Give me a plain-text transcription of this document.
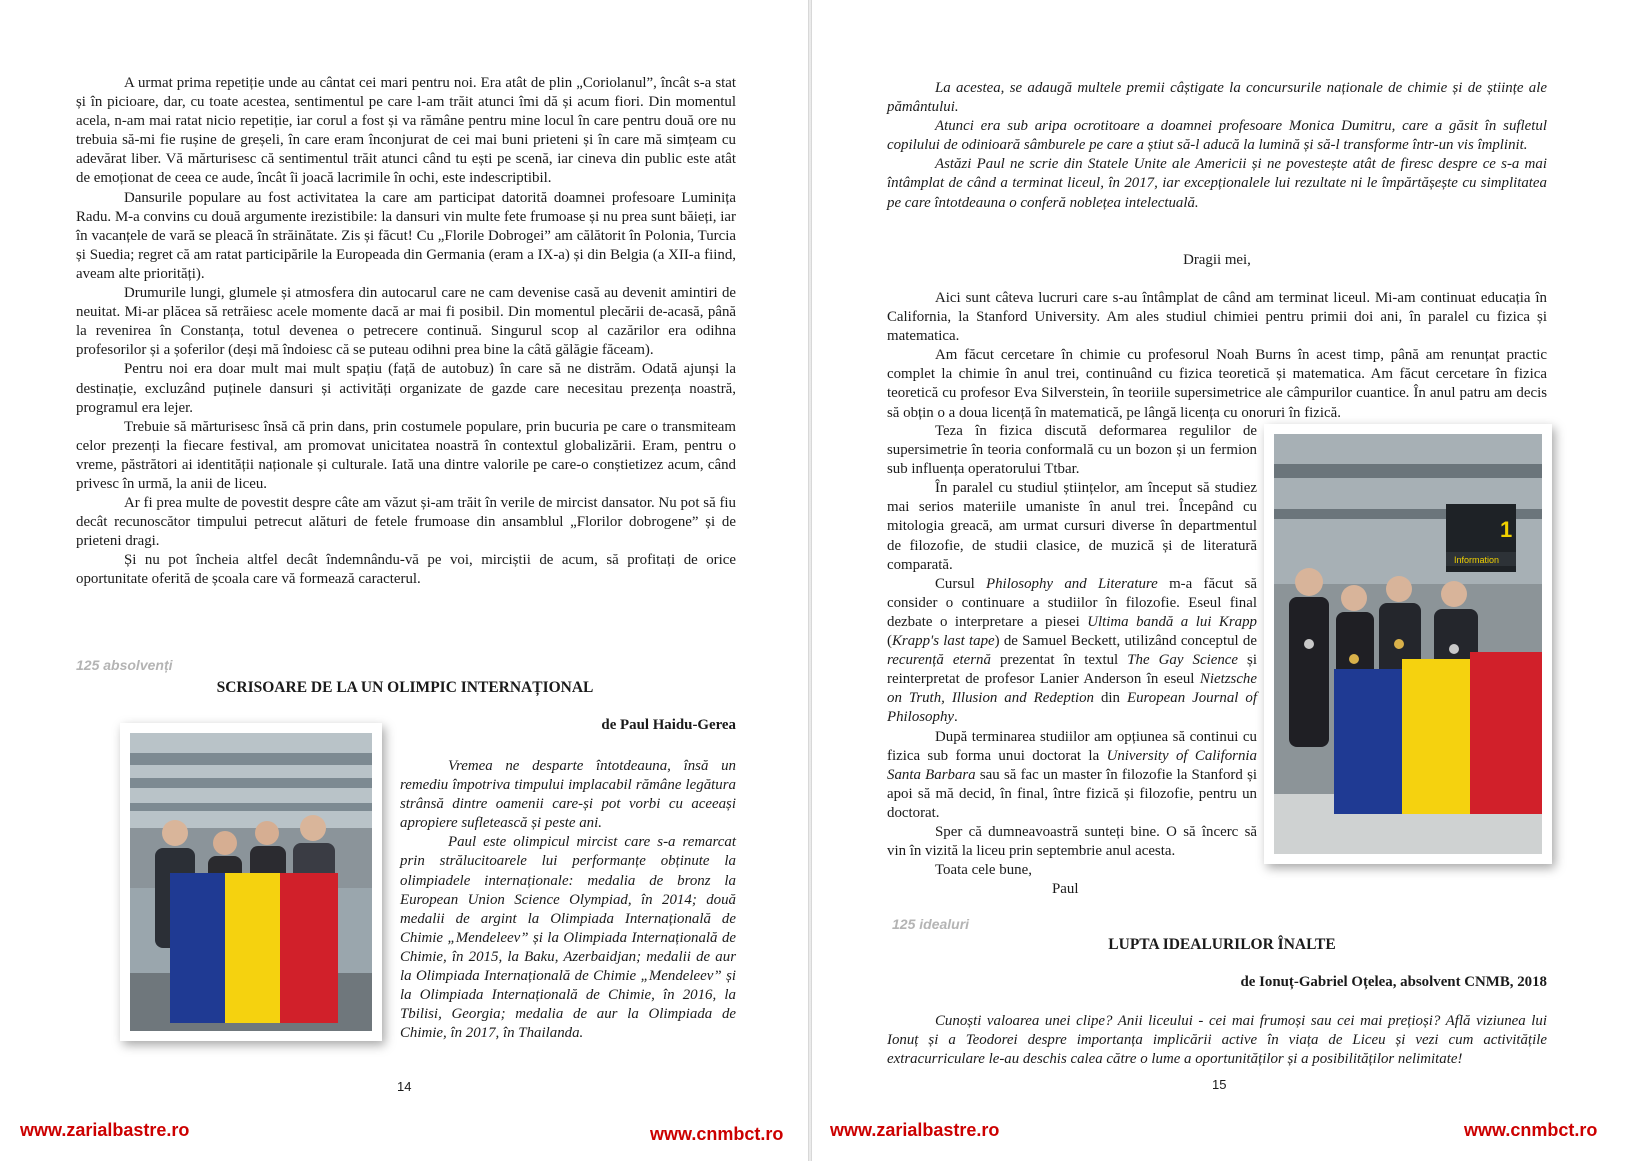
A urmat prima repetiție unde au cântat cei mari pentru noi. Era atât de plin „Coriolanul”, încât s-a stat și în picioare, dar, cu toate acestea, sentimentul pe care l-am trăit atunci îmi dă și acum fiori. Din momentul acela, n-am mai ratat nicio repetiție, iar corul a fost și va rămâne pentru mine locul în care pentru două ore nu trebuia să-mi fie rușine de greșeli, în care eram înconjurat de cei mai buni prieteni și în care mă simțeam cu adevărat liber. Vă mărturisesc că sentimentul trăit atunci când tu ești pe scenă, iar cineva din public este atât de emoționat de ceea ce aude, încât îi joacă lacrimile în ochi, este indescriptibil.

Dansurile populare au fost activitatea la care am participat datorită doamnei profesoare Luminița Radu. M-a convins cu două argumente irezistibile: la dansuri vin multe fete frumoase și nu prea sunt băieți, iar în vacanțele de vară se pleacă în străinătate. Zis și făcut! Cu „Florile Dobrogei” am călătorit în Polonia, Turcia și Suedia; regret că am ratat participările la Europeada din Germania (eram a IX-a) și din Belgia (a XII-a fiind, aveam alte priorități).

Drumurile lungi, glumele și atmosfera din autocarul care ne cam devenise casă au devenit amintiri de neuitat. Mi-ar plăcea să retrăiesc acele momente dacă ar mai fi posibil. Din momentul plecării de-acasă, până la revenirea în Constanța, totul devenea o petrecere continuă. Singurul scop al cazărilor era odihna profesorilor și a șoferilor (deși mă îndoiesc că se puteau odihni prea bine la câtă gălăgie făceam).

Pentru noi era doar mult mai mult spațiu (față de autobuz) în care să ne distrăm. Odată ajunși la destinație, excluzând puținele dansuri și activități organizate de gazde care necesitau prezența noastră, programul era lejer.

Trebuie să mărturisesc însă că prin dans, prin costumele populare, prin bucuria pe care o transmiteam celor prezenți la fiecare festival, am promovat unicitatea noastră în contextul globalizării. Eram, pentru o vreme, păstrători ai identității naționale și culturale. Iată una dintre valorile pe care-o conștietizez acum, când privesc în urmă, la anii de liceu.

Ar fi prea multe de povestit despre câte am văzut și-am trăit în verile de mircist dansator. Nu pot să fiu decât recunoscător timpului petrecut alături de fetele frumoase din ansamblul „Florilor dobrogene” și de prieteni dragi.

Și nu pot încheia altfel decât îndemnându-vă pe voi, mirciștii de acum, să profitați de orice oportunitate oferită de școala care vă formează caracterul.

125 absolvenți
SCRISOARE DE LA UN OLIMPIC INTERNAȚIONAL
de Paul Haidu-Gerea

Vremea ne desparte întotdeauna, însă un remediu împotriva timpului implacabil rămâne legătura strânsă dintre oamenii care-și pot vorbi cu aceeași apropiere sufletească și peste ani.

Paul este olimpicul mircist care s-a remarcat prin strălucitoarele lui performanțe obținute la olimpiadele internaționale: medalia de bronz la European Union Science Olympiad, în 2014; două medalii de argint la Olimpiada Internațională de Chimie „Mendeleev” și la Olimpiada Internațională de Chimie, în 2015, la Baku, Azerbaidjan; medalii de aur la Olimpiada Internațională de Chimie „Mendeleev” și la Olimpiada Internațională de Chimie, în 2016, la Tbilisi, Georgia; medalia de aur la Olimpiada de Chimie, în 2017, în Thailanda.

14
www.zarialbastre.ro	www.cnmbct.ro

La acestea, se adaugă multele premii câștigate la concursurile naționale de chimie și de științe ale pământului.

Atunci era sub aripa ocrotitoare a doamnei profesoare Monica Dumitru, care a găsit în sufletul copilului de odinioară sâmburele pe care a știut să-l aducă la lumină și să-l transforme într-un vis împlinit.

Astăzi Paul ne scrie din Statele Unite ale Americii și ne povestește atât de firesc despre ce s-a mai întâmplat de când a terminat liceul, în 2017, iar excepționalele lui rezultate ni le împărtășește cu simplitatea pe care întotdeauna o conferă noblețea intelectuală.

Dragii mei,

Aici sunt câteva lucruri care s-au întâmplat de când am terminat liceul. Mi-am continuat educația în California, la Stanford University. Am ales studiul chimiei pentru primii doi ani, în paralel cu fizica și matematica.

Am făcut cercetare în chimie cu profesorul Noah Burns în acest timp, până am renunțat practic complet la chimie în anul trei, continuând cu fizica teoretică și matematica. Am făcut cercetare în fizica teoretică cu profesor Eva Silverstein, în teoriile supersimetrice ale câmpurilor cuantice. În anul patru am decis să obțin o a doua licență în matematică, pe lângă licența cu onoruri în fizică.

Teza în fizica discută deformarea regulilor de supersimetrie în teoria conformală cu un bozon și un fermion sub influența operatorului Ttbar.

În paralel cu studiul științelor, am început să studiez mai serios materiile umaniste în anul trei. Începând cu mitologia greacă, am urmat cursuri diverse în departmentul de filozofie, de studii clasice, de muzică și de literatură comparată.

Cursul Philosophy and Literature m-a făcut să consider o continuare a studiilor în filozofie. Eseul final dezbate o interpretare a piesei Ultima bandă a lui Krapp (Krapp's last tape) de Samuel Beckett, utilizând conceptul de recurență eternă prezentat în textul The Gay Science și reinterpretat de profesor Lanier Anderson în eseul Nietzsche on Truth, Illusion and Redeption din European Journal of Philosophy.

După terminarea studiilor am opțiunea să continui cu fizica sub forma unui doctorat la University of California Santa Barbara sau să fac un master în filozofie la Stanford și apoi să mă decid, în final, între fizică și filozofie, pentru un doctorat.

Sper că dumneavoastră sunteți bine. O să încerc să vin în vizită la liceu prin septembrie anul acesta.

Toata cele bune,

Paul

1
Information
125 idealuri
LUPTA IDEALURILOR ÎNALTE
de Ionuț-Gabriel Oțelea, absolvent CNMB, 2018

Cunoști valoarea unei clipe? Anii liceului - cei mai frumoși sau cei mai prețioși? Află viziunea lui Ionuț și a Teodorei despre importanța implicării active în viața de Liceu și vezi cum activitățile extracurriculare le-au deschis calea către o lume a oportunităților și a posibilităților nelimitate!

15
www.zarialbastre.ro	www.cnmbct.ro
